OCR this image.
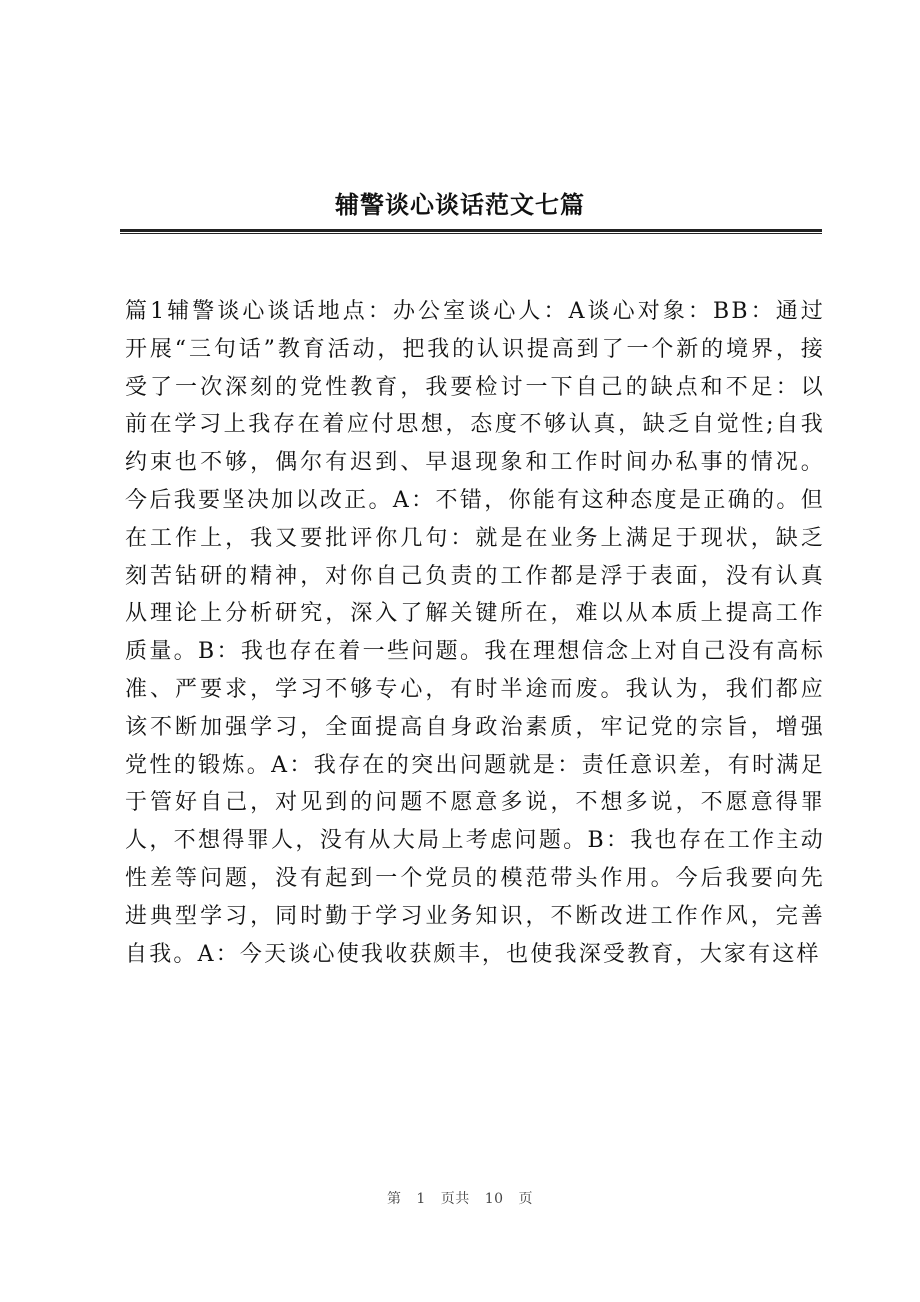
辅警谈心谈话范文七篇

篇1辅警谈心谈话地点：办公室谈心人：A谈心对象：BB：通过开展“三句话”教育活动，把我的认识提高到了一个新的境界，接受了一次深刻的党性教育，我要检讨一下自己的缺点和不足：以前在学习上我存在着应付思想，态度不够认真，缺乏自觉性;自我约束也不够，偶尔有迟到、早退现象和工作时间办私事的情况。今后我要坚决加以改正。A：不错，你能有这种态度是正确的。但在工作上，我又要批评你几句：就是在业务上满足于现状，缺乏刻苦钻研的精神，对你自己负责的工作都是浮于表面，没有认真从理论上分析研究，深入了解关键所在，难以从本质上提高工作质量。B：我也存在着一些问题。我在理想信念上对自己没有高标准、严要求，学习不够专心，有时半途而废。我认为，我们都应该不断加强学习，全面提高自身政治素质，牢记党的宗旨，增强党性的锻炼。A：我存在的突出问题就是：责任意识差，有时满足于管好自己，对见到的问题不愿意多说，不想多说，不愿意得罪人，不想得罪人，没有从大局上考虑问题。B：我也存在工作主动性差等问题，没有起到一个党员的模范带头作用。今后我要向先进典型学习，同时勤于学习业务知识，不断改进工作作风，完善自我。A：今天谈心使我收获颇丰，也使我深受教育，大家有这样

第 1 页共 10 页
